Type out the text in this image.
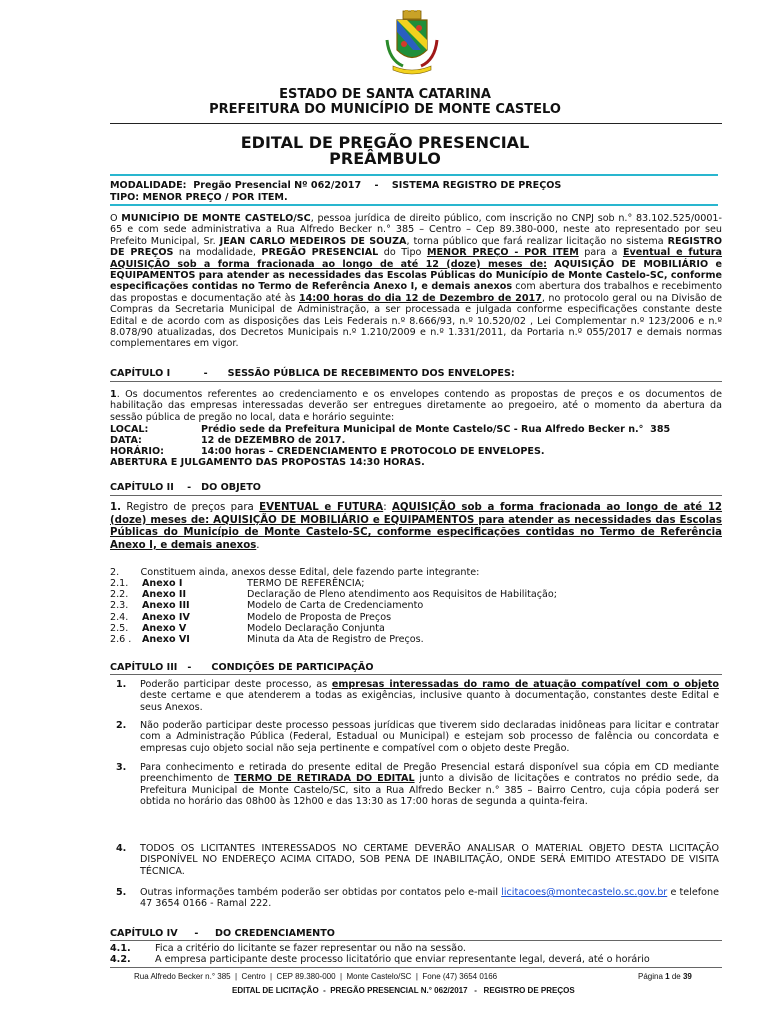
ESTADO DE SANTA CATARINA
PREFEITURA DO MUNICÍPIO DE MONTE CASTELO
EDITAL DE PREGÃO PRESENCIAL
PREÂMBULO
MODALIDADE:  Pregão Presencial Nº 062/2017    -    SISTEMA REGISTRO DE PREÇOS
TIPO: MENOR PREÇO / POR ITEM.
O MUNICÍPIO DE MONTE CASTELO/SC, pessoa jurídica de direito público, com inscrição no CNPJ sob n.° 83.102.525/0001-65 e com sede administrativa a Rua Alfredo Becker n.° 385 – Centro – Cep 89.380-000, neste ato representado por seu Prefeito Municipal, Sr. JEAN CARLO MEDEIROS DE SOUZA, torna público que fará realizar licitação no sistema REGISTRO DE PREÇOS na modalidade, PREGÃO PRESENCIAL do Tipo MENOR PREÇO - POR ITEM para a Eventual e futura AQUISIÇÃO sob a forma fracionada ao longo de até 12 (doze) meses de: AQUISIÇÃO DE MOBILIÁRIO e EQUIPAMENTOS para atender as necessidades das Escolas Públicas do Município de Monte Castelo-SC, conforme especificações contidas no Termo de Referência Anexo I, e demais anexos com abertura dos trabalhos e recebimento das propostas e documentação até às 14:00 horas do dia 12 de Dezembro de 2017, no protocolo geral ou na Divisão de Compras da Secretaria Municipal de Administração, a ser processada e julgada conforme especificações constante deste Edital e de acordo com as disposições das Leis Federais n.º 8.666/93, n.º 10.520/02 , Lei Complementar n.º 123/2006 e n.º 8.078/90 atualizadas, dos Decretos Municipais n.º 1.210/2009 e n.º 1.331/2011, da Portaria n.º 055/2017 e demais normas complementares em vigor.
CAPÍTULO I          -      SESSÃO PÚBLICA DE RECEBIMENTO DOS ENVELOPES:
1. Os documentos referentes ao credenciamento e os envelopes contendo as propostas de preços e os documentos de habilitação das empresas interessadas deverão ser entregues diretamente ao pregoeiro, até o momento da abertura da sessão pública de pregão no local, data e horário seguinte:
LOCAL:	Prédio sede da Prefeitura Municipal de Monte Castelo/SC - Rua Alfredo Becker n.°  385
DATA:	12 de DEZEMBRO de 2017.
HORÁRIO:	14:00 horas – CREDENCIAMENTO E PROTOCOLO DE ENVELOPES.
ABERTURA E JULGAMENTO DAS PROPOSTAS 14:30 HORAS.
CAPÍTULO II    -   DO OBJETO
1. Registro de preços para EVENTUAL e FUTURA: AQUISIÇÃO sob a forma fracionada ao longo de até 12 (doze) meses de: AQUISIÇÃO DE MOBILIÁRIO e EQUIPAMENTOS para atender as necessidades das Escolas Públicas do Município de Monte Castelo-SC, conforme especificações contidas no Termo de Referência Anexo I, e demais anexos.
2.       Constituem ainda, anexos desse Edital, dele fazendo parte integrante:
2.1. Anexo I	TERMO DE REFERÊNCIA;
2.2. Anexo II	Declaração de Pleno atendimento aos Requisitos de Habilitação;
2.3. Anexo III	Modelo de Carta de Credenciamento
2.4. Anexo IV	Modelo de Proposta de Preços
2.5. Anexo V	Modelo Declaração Conjunta
2.6 . Anexo VI	Minuta da Ata de Registro de Preços.
CAPÍTULO III   -      CONDIÇÕES DE PARTICIPAÇÃO
1. Poderão participar deste processo, as empresas interessadas do ramo de atuação compatível com o objeto deste certame e que atenderem a todas as exigências, inclusive quanto à documentação, constantes deste Edital e seus Anexos.
2. Não poderão participar deste processo pessoas jurídicas que tiverem sido declaradas inidôneas para licitar e contratar com a Administração Pública (Federal, Estadual ou Municipal) e estejam sob processo de falência ou concordata e empresas cujo objeto social não seja pertinente e compatível com o objeto deste Pregão.
3. Para conhecimento e retirada do presente edital de Pregão Presencial estará disponível sua cópia em CD mediante preenchimento de TERMO DE RETIRADA DO EDITAL junto a divisão de licitações e contratos no prédio sede, da Prefeitura Municipal de Monte Castelo/SC, sito a Rua Alfredo Becker n.° 385 – Bairro Centro, cuja cópia poderá ser obtida no horário das 08h00 às 12h00 e das 13:30 as 17:00 horas de segunda a quinta-feira.
4. TODOS OS LICITANTES INTERESSADOS NO CERTAME DEVERÃO ANALISAR O MATERIAL OBJETO DESTA LICITAÇÃO DISPONÍVEL NO ENDEREÇO ACIMA CITADO, SOB PENA DE INABILITAÇÃO, ONDE SERÁ EMITIDO ATESTADO DE VISITA TÉCNICA.
5. Outras informações também poderão ser obtidas por contatos pelo e-mail licitacoes@montecastelo.sc.gov.br e telefone 47 3654 0166 - Ramal 222.
CAPÍTULO IV     -     DO CREDENCIAMENTO
4.1.	Fica a critério do licitante se fazer representar ou não na sessão.
4.2.	A empresa participante deste processo licitatório que enviar representante legal, deverá, até o horário
Rua Alfredo Becker n.° 385  |  Centro  |  CEP 89.380-000  |  Monte Castelo/SC  |  Fone (47) 3654 0166	Página 1 de 39
EDITAL DE LICITAÇÃO  -  PREGÃO PRESENCIAL N.° 062/2017   -   REGISTRO DE PREÇOS
